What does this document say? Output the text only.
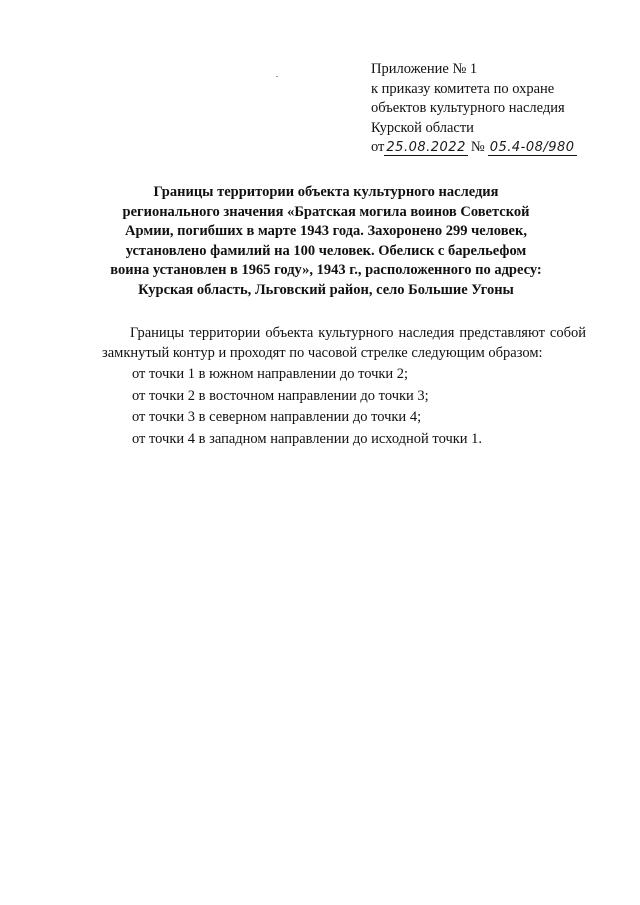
Приложение № 1
к приказу комитета по охране
объектов культурного наследия
Курской области
от 25.08.2022 № 05.4-08/980
Границы территории объекта культурного наследия регионального значения «Братская могила воинов Советской Армии, погибших в марте 1943 года. Захоронено 299 человек, установлено фамилий на 100 человек. Обелиск с барельефом воина установлен в 1965 году», 1943 г., расположенного по адресу: Курская область, Льговский район, село Большие Угоны

Границы территории объекта культурного наследия представляют собой замкнутый контур и проходят по часовой стрелке следующим образом:

от точки 1 в южном направлении до точки 2;
от точки 2 в восточном направлении до точки 3;
от точки 3 в северном направлении до точки 4;
от точки 4 в западном направлении до исходной точки 1.
